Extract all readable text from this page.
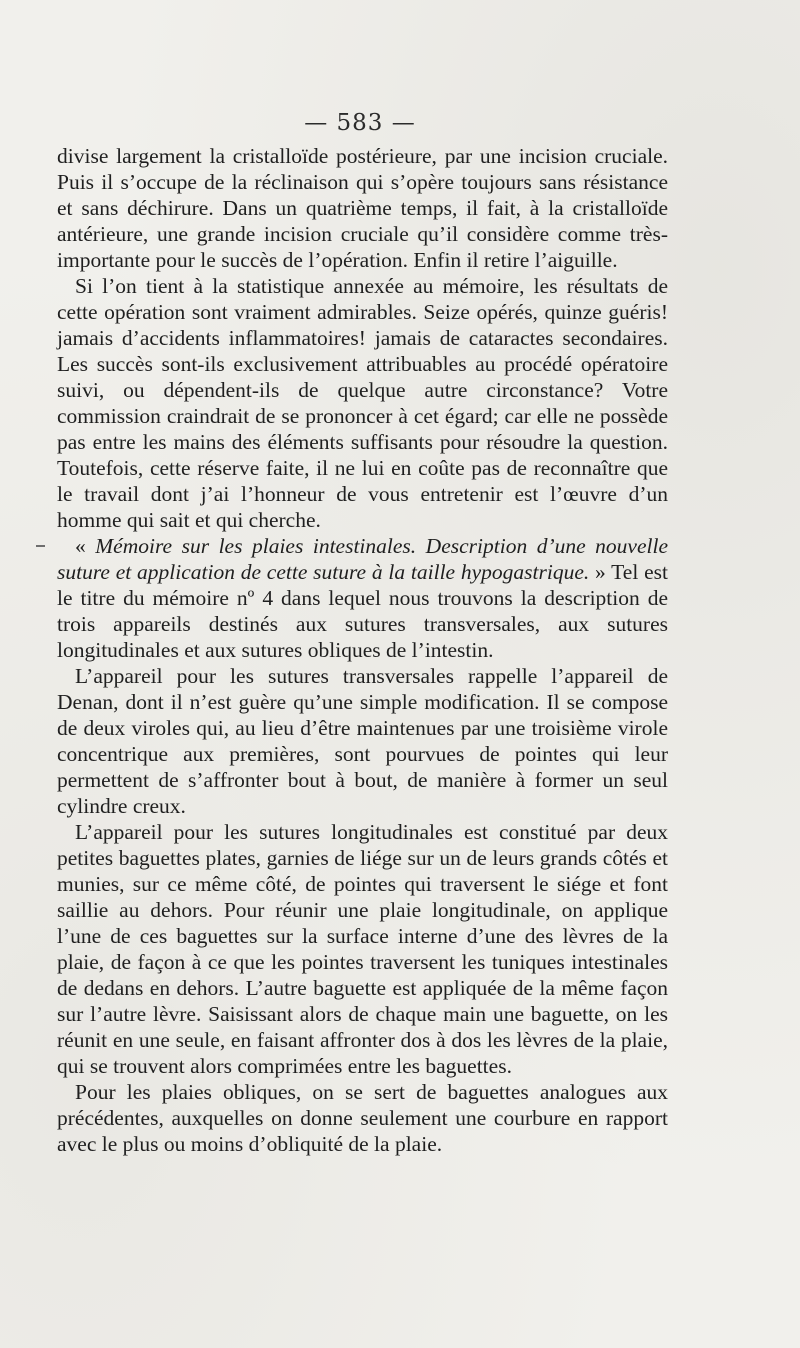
— 583 —

divise largement la cristalloïde postérieure, par une incision cruciale. Puis il s’occupe de la réclinaison qui s’opère toujours sans résistance et sans déchirure. Dans un quatrième temps, il fait, à la cristalloïde antérieure, une grande incision cruciale qu’il considère comme très-importante pour le succès de l’opération. Enfin il retire l’aiguille.

Si l’on tient à la statistique annexée au mémoire, les résultats de cette opération sont vraiment admirables. Seize opérés, quinze guéris! jamais d’accidents inflammatoires! jamais de cataractes secondaires. Les succès sont-ils exclusivement attribuables au procédé opératoire suivi, ou dépendent-ils de quelque autre circonstance? Votre commission craindrait de se prononcer à cet égard; car elle ne possède pas entre les mains des éléments suffisants pour résoudre la question. Toutefois, cette réserve faite, il ne lui en coûte pas de reconnaître que le travail dont j’ai l’honneur de vous entretenir est l’œuvre d’un homme qui sait et qui cherche.

« Mémoire sur les plaies intestinales. Description d’une nouvelle suture et application de cette suture à la taille hypogastrique. » Tel est le titre du mémoire nº 4 dans lequel nous trouvons la description de trois appareils destinés aux sutures transversales, aux sutures longitudinales et aux sutures obliques de l’intestin.

L’appareil pour les sutures transversales rappelle l’appareil de Denan, dont il n’est guère qu’une simple modification. Il se compose de deux viroles qui, au lieu d’être maintenues par une troisième virole concentrique aux premières, sont pourvues de pointes qui leur permettent de s’affronter bout à bout, de manière à former un seul cylindre creux.

L’appareil pour les sutures longitudinales est constitué par deux petites baguettes plates, garnies de liége sur un de leurs grands côtés et munies, sur ce même côté, de pointes qui traversent le siége et font saillie au dehors. Pour réunir une plaie longitudinale, on applique l’une de ces baguettes sur la surface interne d’une des lèvres de la plaie, de façon à ce que les pointes traversent les tuniques intestinales de dedans en dehors. L’autre baguette est appliquée de la même façon sur l’autre lèvre. Saisissant alors de chaque main une baguette, on les réunit en une seule, en faisant affronter dos à dos les lèvres de la plaie, qui se trouvent alors comprimées entre les baguettes.

Pour les plaies obliques, on se sert de baguettes analogues aux précédentes, auxquelles on donne seulement une courbure en rapport avec le plus ou moins d’obliquité de la plaie.
